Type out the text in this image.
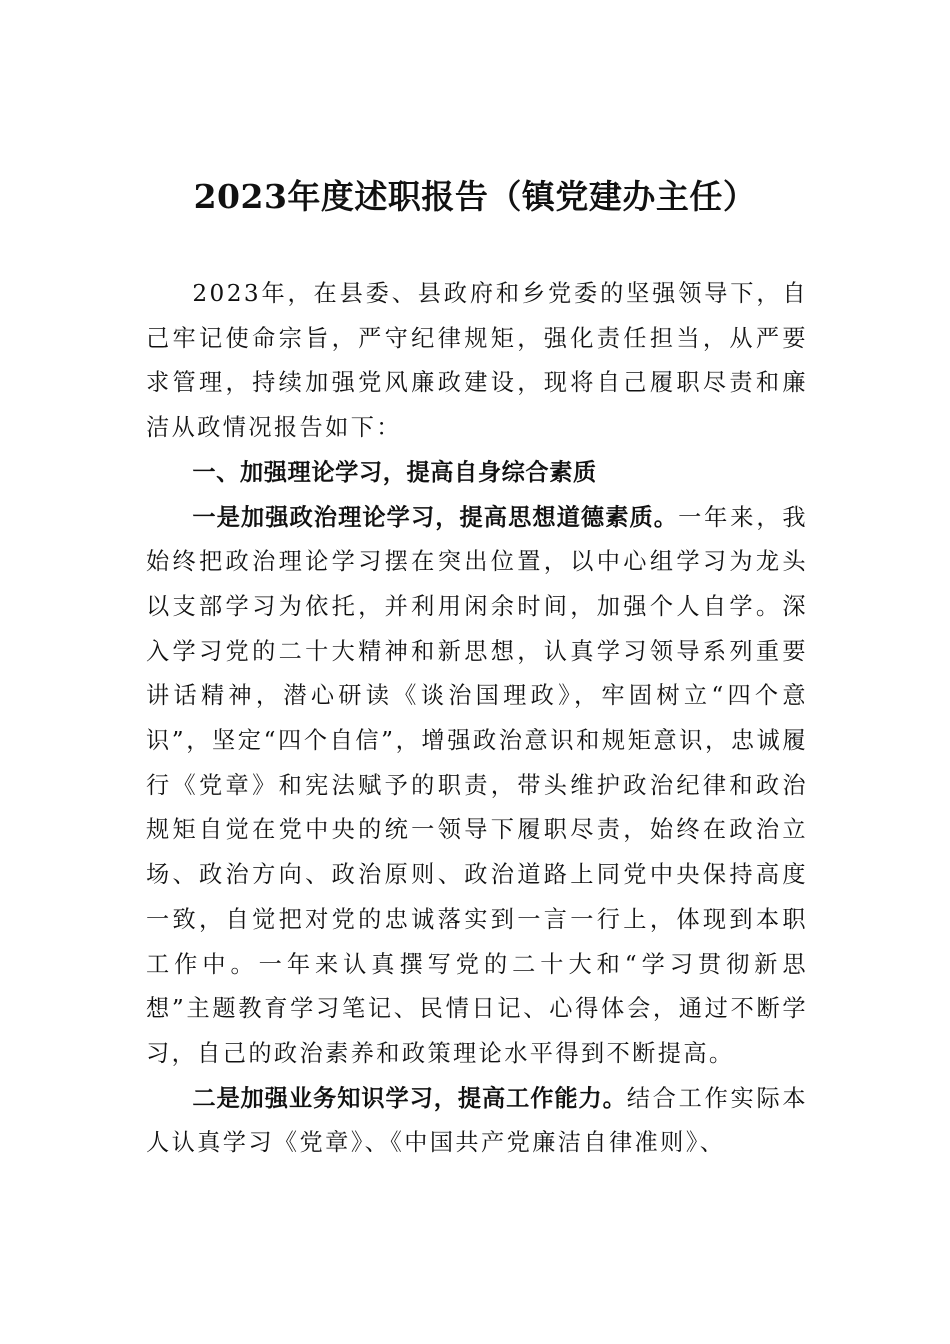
2023年度述职报告（镇党建办主任）

2023年，在县委、县政府和乡党委的坚强领导下，自己牢记使命宗旨，严守纪律规矩，强化责任担当，从严要求管理，持续加强党风廉政建设，现将自己履职尽责和廉洁从政情况报告如下：

一、加强理论学习，提高自身综合素质

一是加强政治理论学习，提高思想道德素质。一年来，我始终把政治理论学习摆在突出位置，以中心组学习为龙头以支部学习为依托，并利用闲余时间，加强个人自学。深入学习党的二十大精神和新思想，认真学习领导系列重要讲话精神，潜心研读《谈治国理政》，牢固树立“四个意识”，坚定“四个自信”，增强政治意识和规矩意识，忠诚履行《党章》和宪法赋予的职责，带头维护政治纪律和政治规矩自觉在党中央的统一领导下履职尽责，始终在政治立场、政治方向、政治原则、政治道路上同党中央保持高度一致，自觉把对党的忠诚落实到一言一行上，体现到本职工作中。一年来认真撰写党的二十大和“学习贯彻新思想”主题教育学习笔记、民情日记、心得体会，通过不断学习，自己的政治素养和政策理论水平得到不断提高。

二是加强业务知识学习，提高工作能力。结合工作实际本人认真学习《党章》、《中国共产党廉洁自律准则》、
